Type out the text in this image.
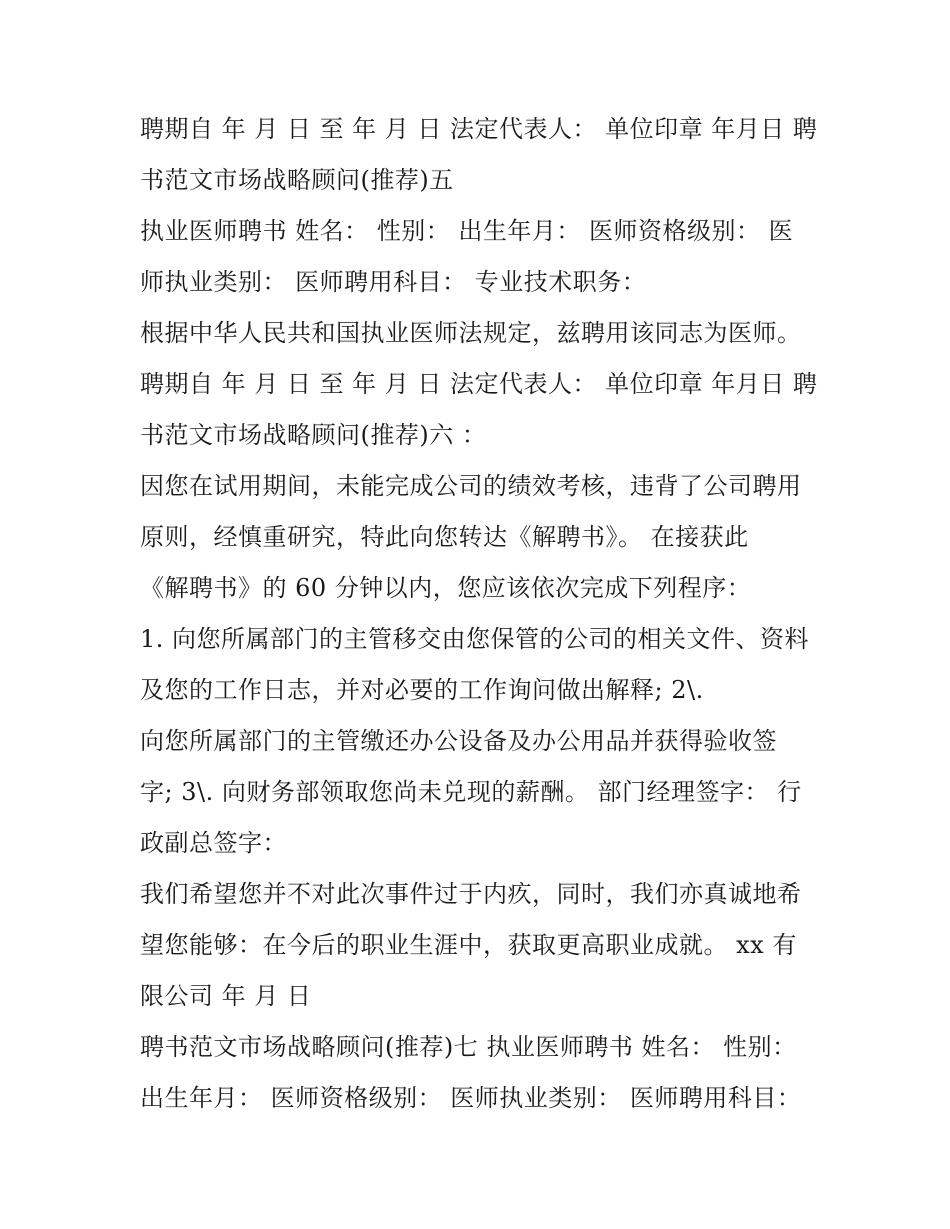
聘期自 年 月 日 至 年 月 日 法定代表人： 单位印章 年月日 聘
书范文市场战略顾问(推荐)五
执业医师聘书 姓名： 性别： 出生年月： 医师资格级别： 医
师执业类别： 医师聘用科目： 专业技术职务：
根据中华人民共和国执业医师法规定，兹聘用该同志为医师。
聘期自 年 月 日 至 年 月 日 法定代表人： 单位印章 年月日 聘
书范文市场战略顾问(推荐)六 ：
因您在试用期间，未能完成公司的绩效考核，违背了公司聘用
原则，经慎重研究，特此向您转达《解聘书》。 在接获此
《解聘书》的 60 分钟以内，您应该依次完成下列程序：
1. 向您所属部门的主管移交由您保管的公司的相关文件、资料
及您的工作日志，并对必要的工作询问做出解释; 2\.
向您所属部门的主管缴还办公设备及办公用品并获得验收签
字; 3\. 向财务部领取您尚未兑现的薪酬。 部门经理签字： 行
政副总签字：
我们希望您并不对此次事件过于内疚，同时，我们亦真诚地希
望您能够：在今后的职业生涯中，获取更高职业成就。 xx 有
限公司 年 月 日
聘书范文市场战略顾问(推荐)七 执业医师聘书 姓名： 性别：
出生年月： 医师资格级别： 医师执业类别： 医师聘用科目：
